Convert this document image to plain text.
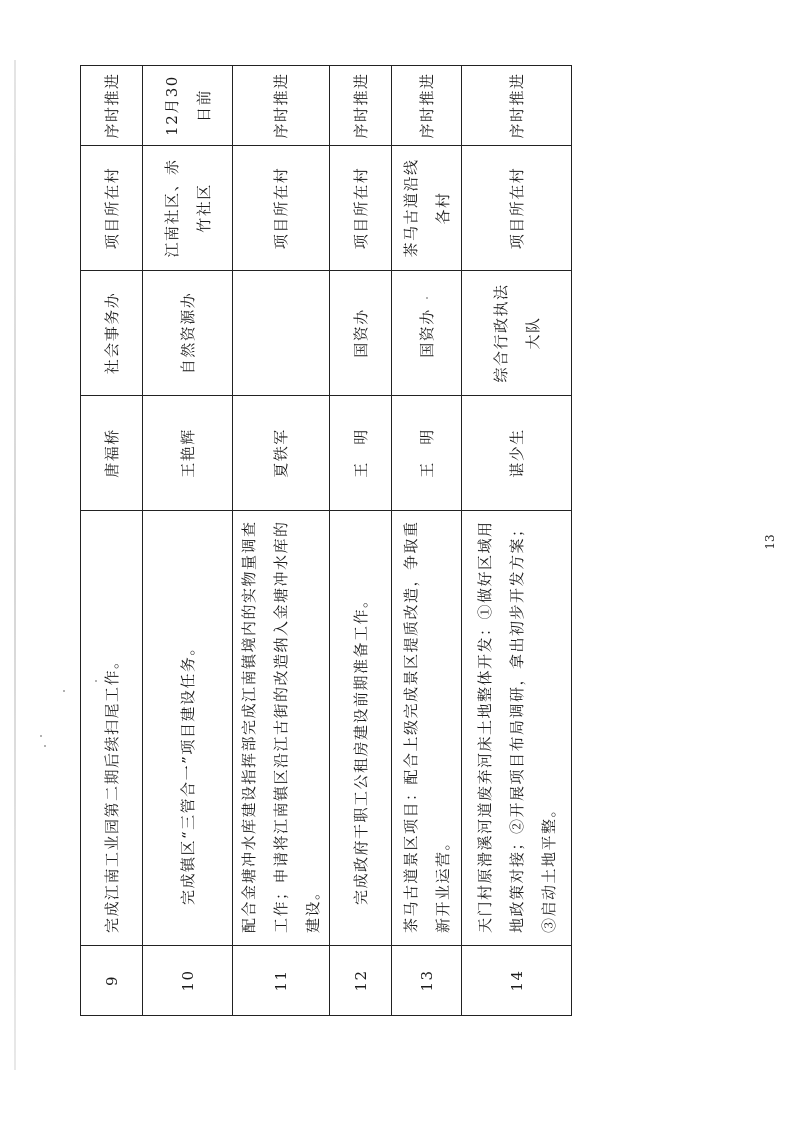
9	完成江南工业园第二期后续扫尾工作。	唐福桥	社会事务办	项目所在村	序时推进
10	完成镇区“三管合一”项目建设任务。	王艳辉	自然资源办	江南社区、赤竹社区	12月30日前
11	配合金塘冲水库建设指挥部完成江南镇境内的实物量调查工作；申请将江南镇区沿江古街的改造纳入金塘冲水库的建设。	夏铁军		项目所在村	序时推进
12	完成政府干职工公租房建设前期准备工作。	王　明	国资办	项目所在村	序时推进
13	茶马古道景区项目：配合上级完成景区提质改造，争取重新开业运营。	王　明	国资办	茶马古道沿线各村	序时推进
14	天门村原滑溪河道废弃河床土地整体开发：①做好区域用地政策对接；②开展项目布局调研，拿出初步开发方案；③启动土地平整。	谌少生	综合行政执法大队	项目所在村	序时推进
13
